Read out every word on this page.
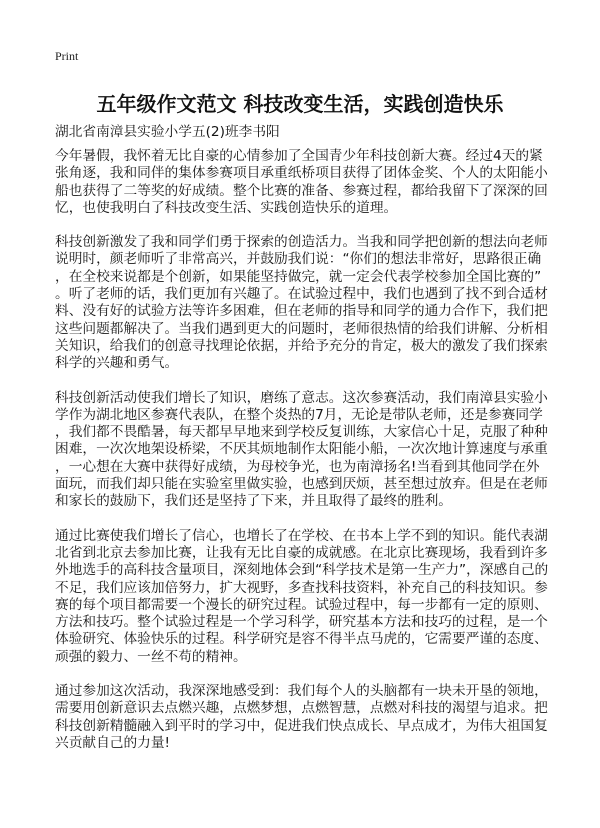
Print
五年级作文范文 科技改变生活，实践创造快乐
湖北省南漳县实验小学五(2)班李书阳
今年暑假，我怀着无比自豪的心情参加了全国青少年科技创新大赛。经过4天的紧
张角逐，我和同伴的集体参赛项目承重纸桥项目获得了团体金奖、个人的太阳能小
船也获得了二等奖的好成绩。整个比赛的准备、参赛过程，都给我留下了深深的回
忆，也使我明白了科技改变生活、实践创造快乐的道理。
科技创新激发了我和同学们勇于探索的创造活力。当我和同学把创新的想法向老师
说明时，颜老师听了非常高兴，并鼓励我们说：“你们的想法非常好，思路很正确
，在全校来说都是个创新，如果能坚持做完，就一定会代表学校参加全国比赛的”
。听了老师的话，我们更加有兴趣了。在试验过程中，我们也遇到了找不到合适材
料、没有好的试验方法等许多困难，但在老师的指导和同学的通力合作下，我们把
这些问题都解决了。当我们遇到更大的问题时，老师很热情的给我们讲解、分析相
关知识，给我们的创意寻找理论依据，并给予充分的肯定，极大的激发了我们探索
科学的兴趣和勇气。
科技创新活动使我们增长了知识，磨练了意志。这次参赛活动，我们南漳县实验小
学作为湖北地区参赛代表队，在整个炎热的7月，无论是带队老师，还是参赛同学
，我们都不畏酷暑，每天都早早地来到学校反复训练，大家信心十足，克服了种种
困难，一次次地架设桥梁，不厌其烦地制作太阳能小船，一次次地计算速度与承重
，一心想在大赛中获得好成绩，为母校争光，也为南漳扬名!当看到其他同学在外
面玩，而我们却只能在实验室里做实验，也感到厌烦，甚至想过放弃。但是在老师
和家长的鼓励下，我们还是坚持了下来，并且取得了最终的胜利。
通过比赛使我们增长了信心，也增长了在学校、在书本上学不到的知识。能代表湖
北省到北京去参加比赛，让我有无比自豪的成就感。在北京比赛现场，我看到许多
外地选手的高科技含量项目，深刻地体会到“科学技术是第一生产力”，深感自己的
不足，我们应该加倍努力，扩大视野，多查找科技资料，补充自己的科技知识。参
赛的每个项目都需要一个漫长的研究过程。试验过程中，每一步都有一定的原则、
方法和技巧。整个试验过程是一个学习科学，研究基本方法和技巧的过程，是一个
体验研究、体验快乐的过程。科学研究是容不得半点马虎的，它需要严谨的态度、
顽强的毅力、一丝不苟的精神。
通过参加这次活动，我深深地感受到：我们每个人的头脑都有一块未开垦的领地，
需要用创新意识去点燃兴趣，点燃梦想，点燃智慧，点燃对科技的渴望与追求。把
科技创新精髓融入到平时的学习中，促进我们快点成长、早点成才，为伟大祖国复
兴贡献自己的力量!
